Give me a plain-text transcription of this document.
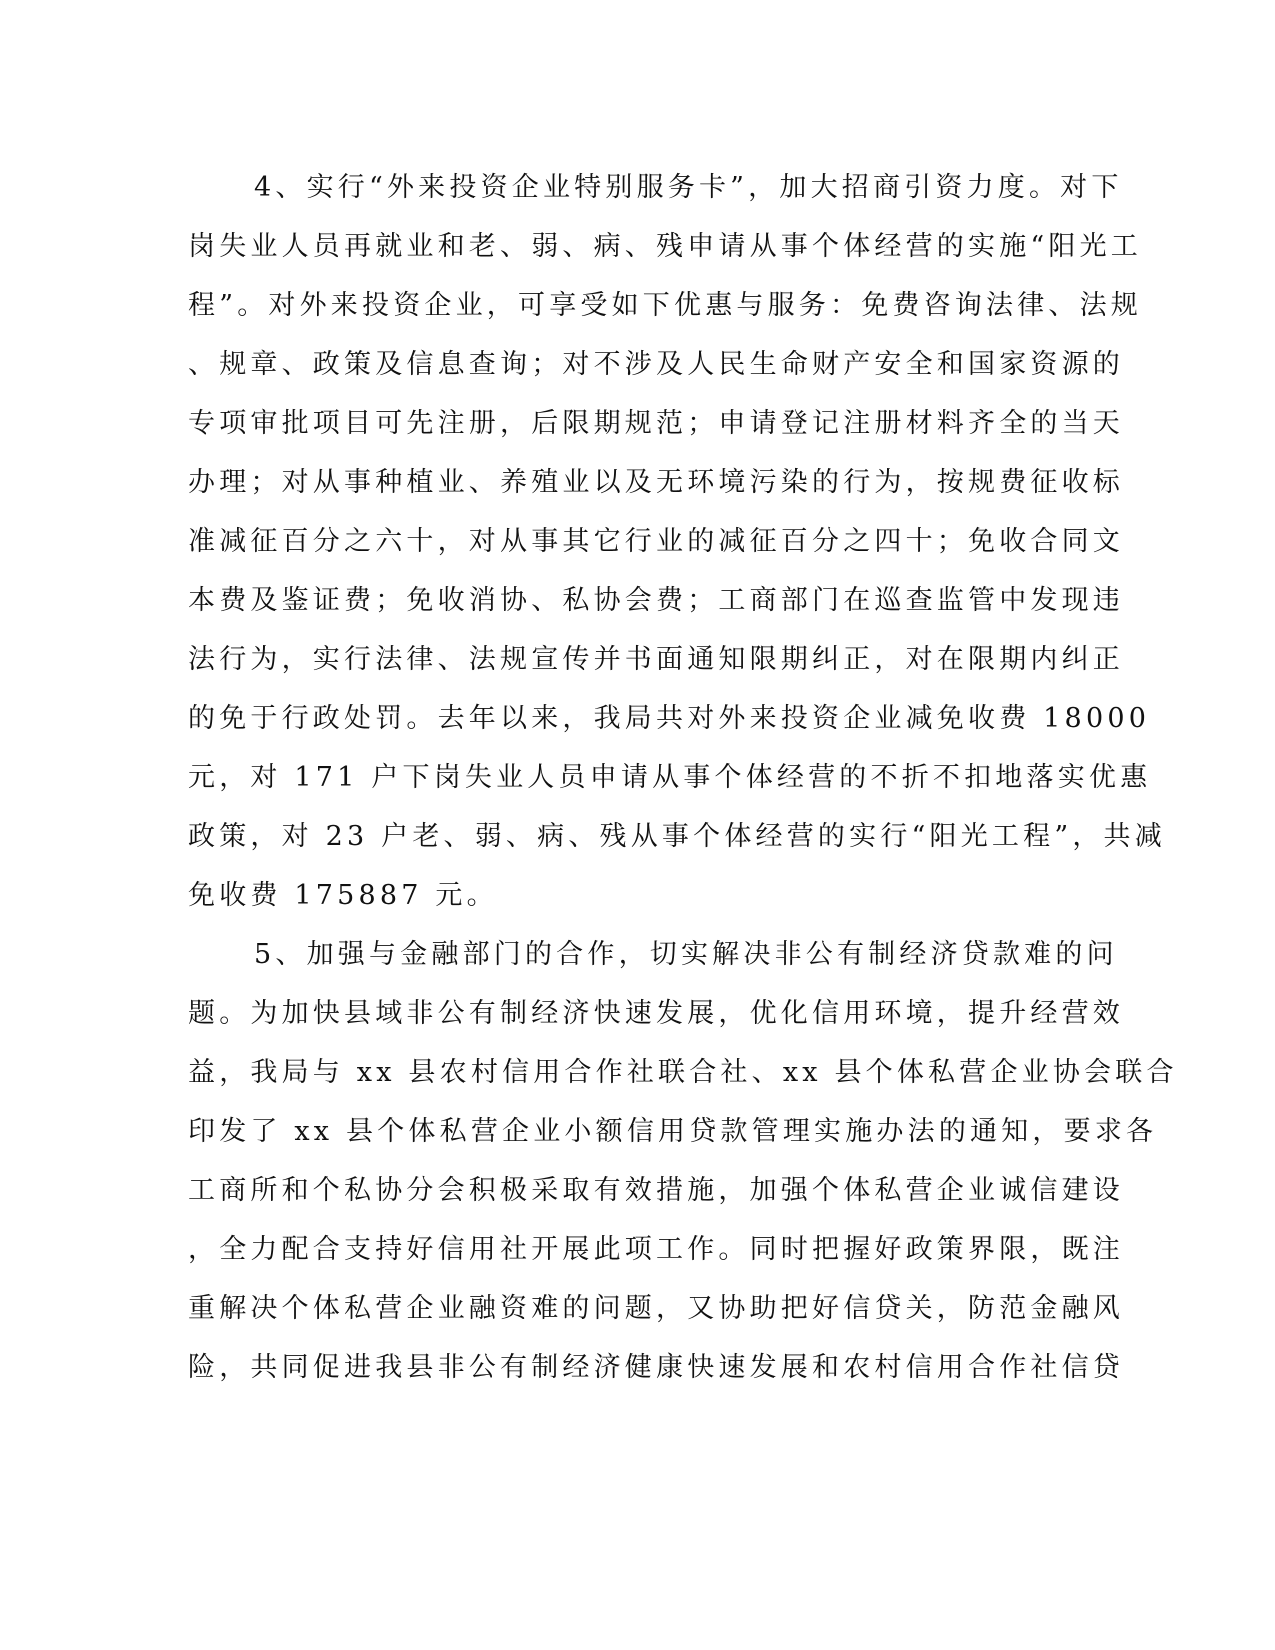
4、实行“外来投资企业特别服务卡”，加大招商引资力度。对下
岗失业人员再就业和老、弱、病、残申请从事个体经营的实施“阳光工
程”。对外来投资企业，可享受如下优惠与服务：免费咨询法律、法规
、规章、政策及信息查询；对不涉及人民生命财产安全和国家资源的
专项审批项目可先注册，后限期规范；申请登记注册材料齐全的当天
办理；对从事种植业、养殖业以及无环境污染的行为，按规费征收标
准减征百分之六十，对从事其它行业的减征百分之四十；免收合同文
本费及鉴证费；免收消协、私协会费；工商部门在巡查监管中发现违
法行为，实行法律、法规宣传并书面通知限期纠正，对在限期内纠正
的免于行政处罚。去年以来，我局共对外来投资企业减免收费 18000
元，对 171 户下岗失业人员申请从事个体经营的不折不扣地落实优惠
政策，对 23 户老、弱、病、残从事个体经营的实行“阳光工程”，共减
免收费 175887 元。
5、加强与金融部门的合作，切实解决非公有制经济贷款难的问
题。为加快县域非公有制经济快速发展，优化信用环境，提升经营效
益，我局与 xx 县农村信用合作社联合社、xx 县个体私营企业协会联合
印发了 xx 县个体私营企业小额信用贷款管理实施办法的通知，要求各
工商所和个私协分会积极采取有效措施，加强个体私营企业诚信建设
，全力配合支持好信用社开展此项工作。同时把握好政策界限，既注
重解决个体私营企业融资难的问题，又协助把好信贷关，防范金融风
险，共同促进我县非公有制经济健康快速发展和农村信用合作社信贷
